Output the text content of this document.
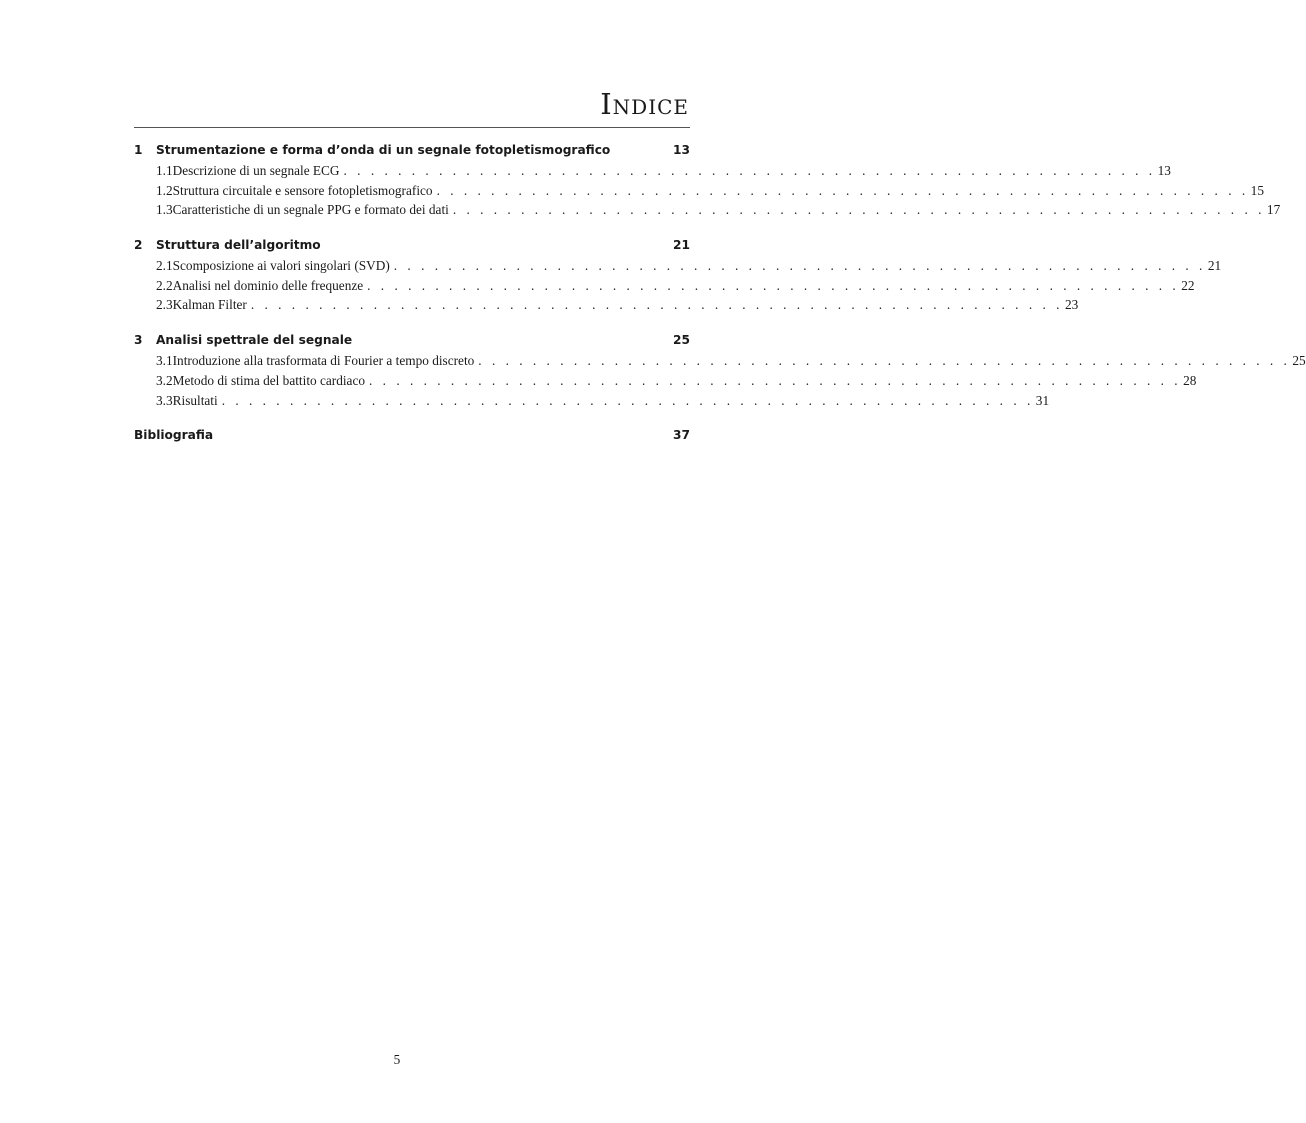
Indice
1	Strumentazione e forma d’onda di un segnale fotopletismografico	13
1.1 Descrizione di un segnale ECG . . . . . . . . . . . . . . . . . . . . . . . . . . . . . . . . . . . . . . . . . . . . . . . . . . . . . . . . . . . . 13
1.2 Struttura circuitale e sensore fotopletismografico . . . . . . . . . . . . . . . . . . . . . . . . . . . . . . . . . . . . . . . . . . . . . . . . . . . . . . . . . . . . 15
1.3 Caratteristiche di un segnale PPG e formato dei dati . . . . . . . . . . . . . . . . . . . . . . . . . . . . . . . . . . . . . . . . . . . . . . . . . . . . . . . . . . . . 17
2	Struttura dell’algoritmo	21
2.1 Scomposizione ai valori singolari (SVD) . . . . . . . . . . . . . . . . . . . . . . . . . . . . . . . . . . . . . . . . . . . . . . . . . . . . . . . . . . . . 21
2.2 Analisi nel dominio delle frequenze . . . . . . . . . . . . . . . . . . . . . . . . . . . . . . . . . . . . . . . . . . . . . . . . . . . . . . . . . . . . 22
2.3 Kalman Filter . . . . . . . . . . . . . . . . . . . . . . . . . . . . . . . . . . . . . . . . . . . . . . . . . . . . . . . . . . . . 23
3	Analisi spettrale del segnale	25
3.1 Introduzione alla trasformata di Fourier a tempo discreto . . . . . . . . . . . . . . . . . . . . . . . . . . . . . . . . . . . . . . . . . . . . . . . . . . . . . . . . . . . . 25
3.2 Metodo di stima del battito cardiaco . . . . . . . . . . . . . . . . . . . . . . . . . . . . . . . . . . . . . . . . . . . . . . . . . . . . . . . . . . . . 28
3.3 Risultati . . . . . . . . . . . . . . . . . . . . . . . . . . . . . . . . . . . . . . . . . . . . . . . . . . . . . . . . . . . . 31
Bibliografia	37
5
